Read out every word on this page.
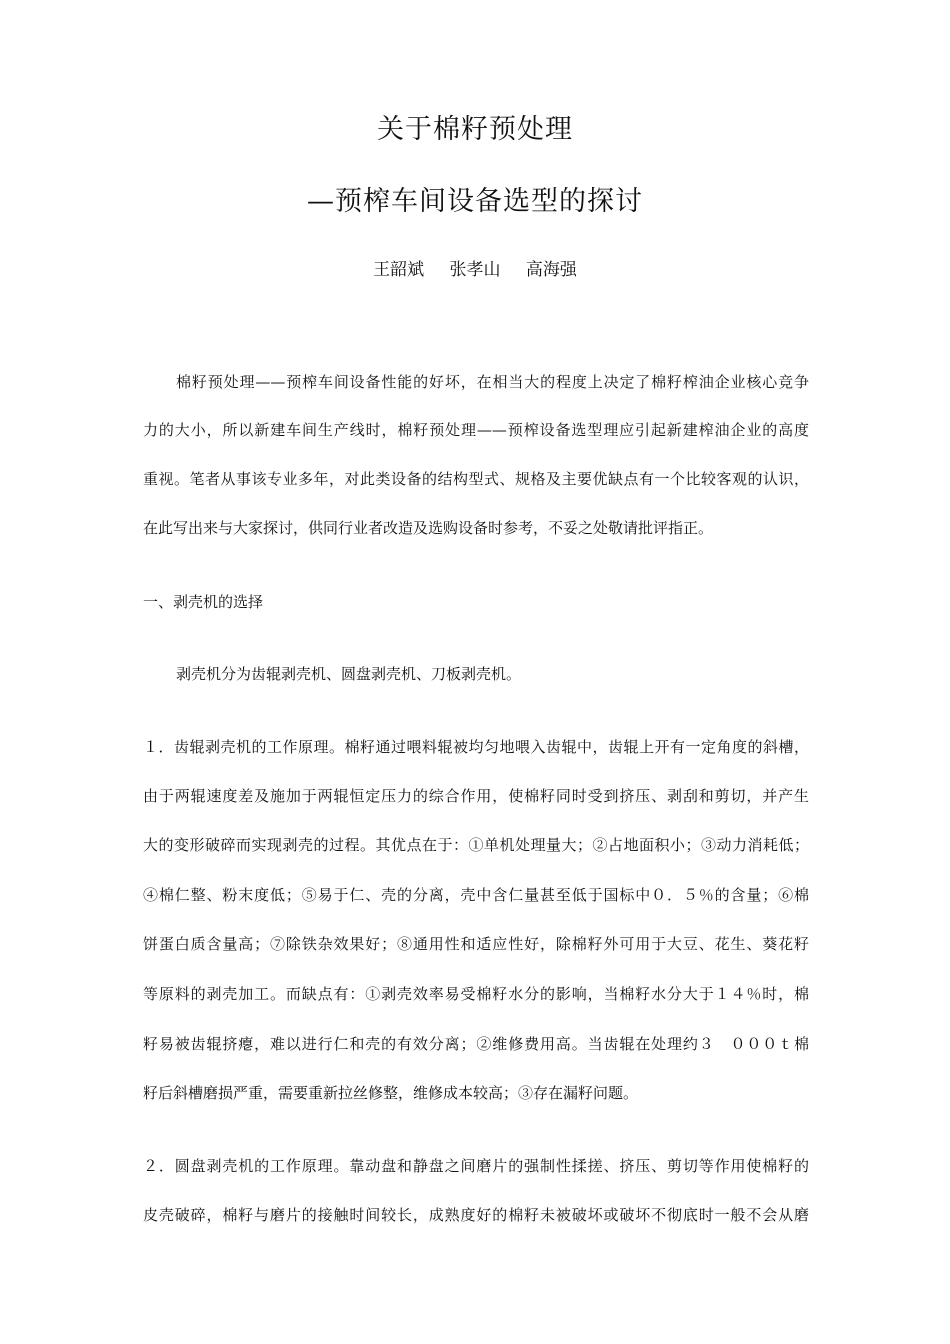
关于棉籽预处理
—预榨车间设备选型的探讨
王韶斌 张孝山 高海强
棉籽预处理——预榨车间设备性能的好坏，在相当大的程度上决定了棉籽榨油企业核心竞争
力的大小，所以新建车间生产线时，棉籽预处理——预榨设备选型理应引起新建榨油企业的高度
重视。笔者从事该专业多年，对此类设备的结构型式、规格及主要优缺点有一个比较客观的认识，
在此写出来与大家探讨，供同行业者改造及选购设备时参考，不妥之处敬请批评指正。
一、剥壳机的选择
剥壳机分为齿辊剥壳机、圆盘剥壳机、刀板剥壳机。
１．齿辊剥壳机的工作原理。棉籽通过喂料辊被均匀地喂入齿辊中，齿辊上开有一定角度的斜槽，
由于两辊速度差及施加于两辊恒定压力的综合作用，使棉籽同时受到挤压、剥刮和剪切，并产生
大的变形破碎而实现剥壳的过程。其优点在于：①单机处理量大；②占地面积小；③动力消耗低；
④棉仁整、粉末度低；⑤易于仁、壳的分离，壳中含仁量甚至低于国标中０．５％的含量；⑥棉
饼蛋白质含量高；⑦除铁杂效果好；⑧通用性和适应性好，除棉籽外可用于大豆、花生、葵花籽
等原料的剥壳加工。而缺点有：①剥壳效率易受棉籽水分的影响，当棉籽水分大于１４％时，棉
籽易被齿辊挤瘪，难以进行仁和壳的有效分离；②维修费用高。当齿辊在处理约３　０００ｔ棉
籽后斜槽磨损严重，需要重新拉丝修整，维修成本较高；③存在漏籽问题。
２．圆盘剥壳机的工作原理。靠动盘和静盘之间磨片的强制性揉搓、挤压、剪切等作用使棉籽的
皮壳破碎，棉籽与磨片的接触时间较长，成熟度好的棉籽未被破坏或破坏不彻底时一般不会从磨
